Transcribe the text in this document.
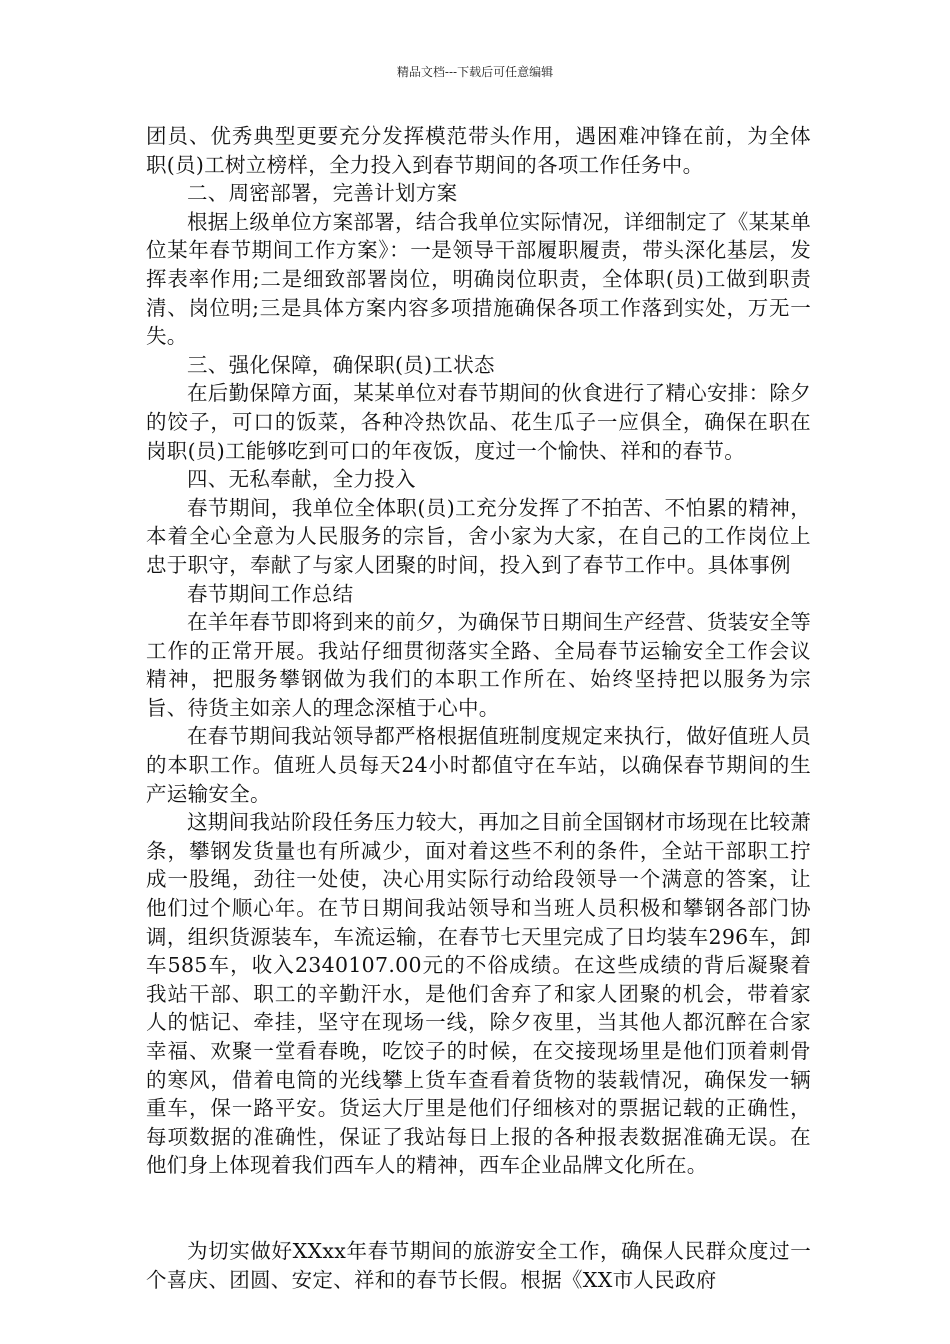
精品文档---下载后可任意编辑

团员、优秀典型更要充分发挥模范带头作用，遇困难冲锋在前，为全体职(员)工树立榜样，全力投入到春节期间的各项工作任务中。

二、周密部署，完善计划方案

根据上级单位方案部署，结合我单位实际情况，详细制定了《某某单位某年春节期间工作方案》：一是领导干部履职履责，带头深化基层，发挥表率作用;二是细致部署岗位，明确岗位职责，全体职(员)工做到职责清、岗位明;三是具体方案内容多项措施确保各项工作落到实处，万无一失。

三、强化保障，确保职(员)工状态

在后勤保障方面，某某单位对春节期间的伙食进行了精心安排：除夕的饺子，可口的饭菜，各种冷热饮品、花生瓜子一应俱全，确保在职在岗职(员)工能够吃到可口的年夜饭，度过一个愉快、祥和的春节。

四、无私奉献，全力投入

春节期间，我单位全体职(员)工充分发挥了不拍苦、不怕累的精神，本着全心全意为人民服务的宗旨，舍小家为大家，在自己的工作岗位上忠于职守，奉献了与家人团聚的时间，投入到了春节工作中。具体事例

春节期间工作总结

在羊年春节即将到来的前夕，为确保节日期间生产经营、货装安全等工作的正常开展。我站仔细贯彻落实全路、全局春节运输安全工作会议精神，把服务攀钢做为我们的本职工作所在、始终坚持把以服务为宗旨、待货主如亲人的理念深植于心中。

在春节期间我站领导都严格根据值班制度规定来执行，做好值班人员的本职工作。值班人员每天24小时都值守在车站，以确保春节期间的生产运输安全。

这期间我站阶段任务压力较大，再加之目前全国钢材市场现在比较萧条，攀钢发货量也有所减少，面对着这些不利的条件，全站干部职工拧成一股绳，劲往一处使，决心用实际行动给段领导一个满意的答案，让他们过个顺心年。在节日期间我站领导和当班人员积极和攀钢各部门协调，组织货源装车，车流运输，在春节七天里完成了日均装车296车，卸车585车，收入2340107.00元的不俗成绩。在这些成绩的背后凝聚着我站干部、职工的辛勤汗水，是他们舍弃了和家人团聚的机会，带着家人的惦记、牵挂，坚守在现场一线，除夕夜里，当其他人都沉醉在合家幸福、欢聚一堂看春晚，吃饺子的时候，在交接现场里是他们顶着刺骨的寒风，借着电筒的光线攀上货车查看着货物的装载情况，确保发一辆重车，保一路平安。货运大厅里是他们仔细核对的票据记载的正确性，每项数据的准确性，保证了我站每日上报的各种报表数据准确无误。在他们身上体现着我们西车人的精神，西车企业品牌文化所在。

为切实做好XXxx年春节期间的旅游安全工作，确保人民群众度过一个喜庆、团圆、安定、祥和的春节长假。根据《XX市人民政府
